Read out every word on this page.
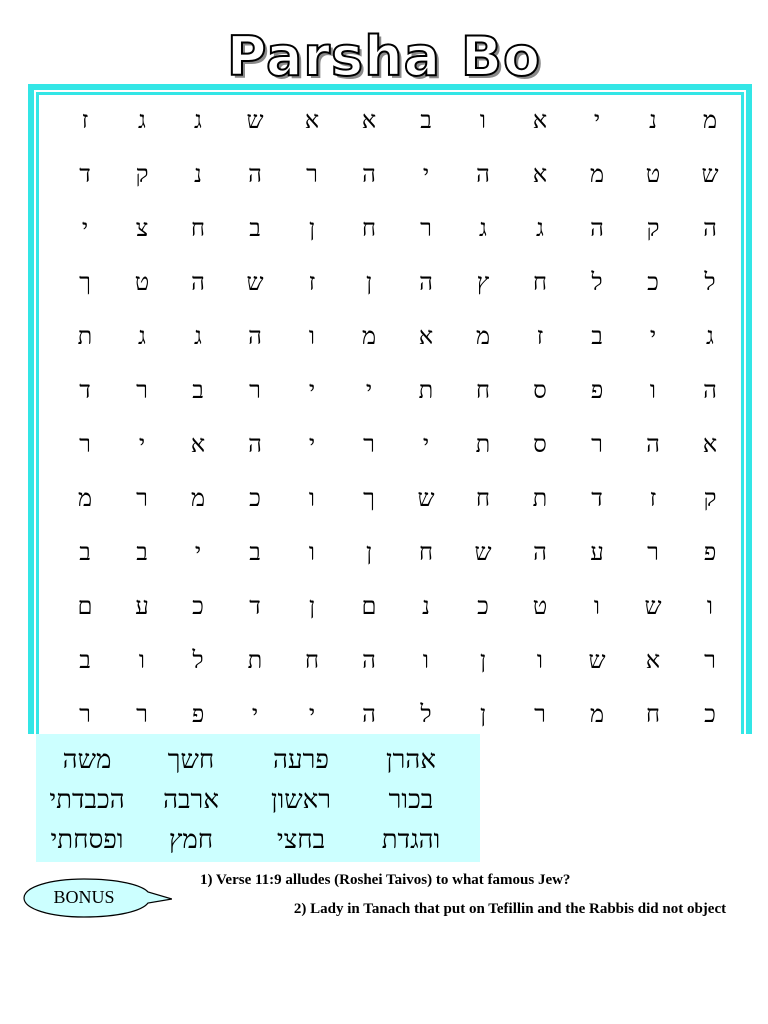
Parsha Bo
מ
נ
י
א
ו
ב
א
א
ש
ג
ג
ז
ש
ט
מ
א
ה
י
ה
ר
ה
נ
ק
ד
ה
ק
ה
ג
ג
ר
ח
ן
ב
ח
צ
י
ל
כ
ל
ח
ץ
ה
ן
ז
ש
ה
ט
ך
ג
י
ב
ז
מ
א
מ
ו
ה
ג
ג
ת
ה
ו
פ
ס
ח
ת
י
י
ר
ב
ר
ד
א
ה
ר
ס
ת
י
ר
י
ה
א
י
ר
ק
ז
ד
ת
ח
ש
ך
ו
כ
מ
ר
מ
פ
ר
ע
ה
ש
ח
ן
ו
ב
י
ב
ב
ו
ש
ו
ט
כ
נ
ם
ן
ד
כ
ע
ם
ר
א
ש
ו
ן
ו
ה
ח
ת
ל
ו
ב
כ
ח
מ
ר
ן
ל
ה
י
י
פ
ר
ר
אהרן
פרעה
חשך
משה
בכור
ראשון
ארבה
הכבדתי
והגדת
בחצי
חמץ
ופסחתי
BONUS
1) Verse 11:9 alludes (Roshei Taivos) to what famous Jew?
2) Lady in Tanach that put on Tefillin and the Rabbis did not object
